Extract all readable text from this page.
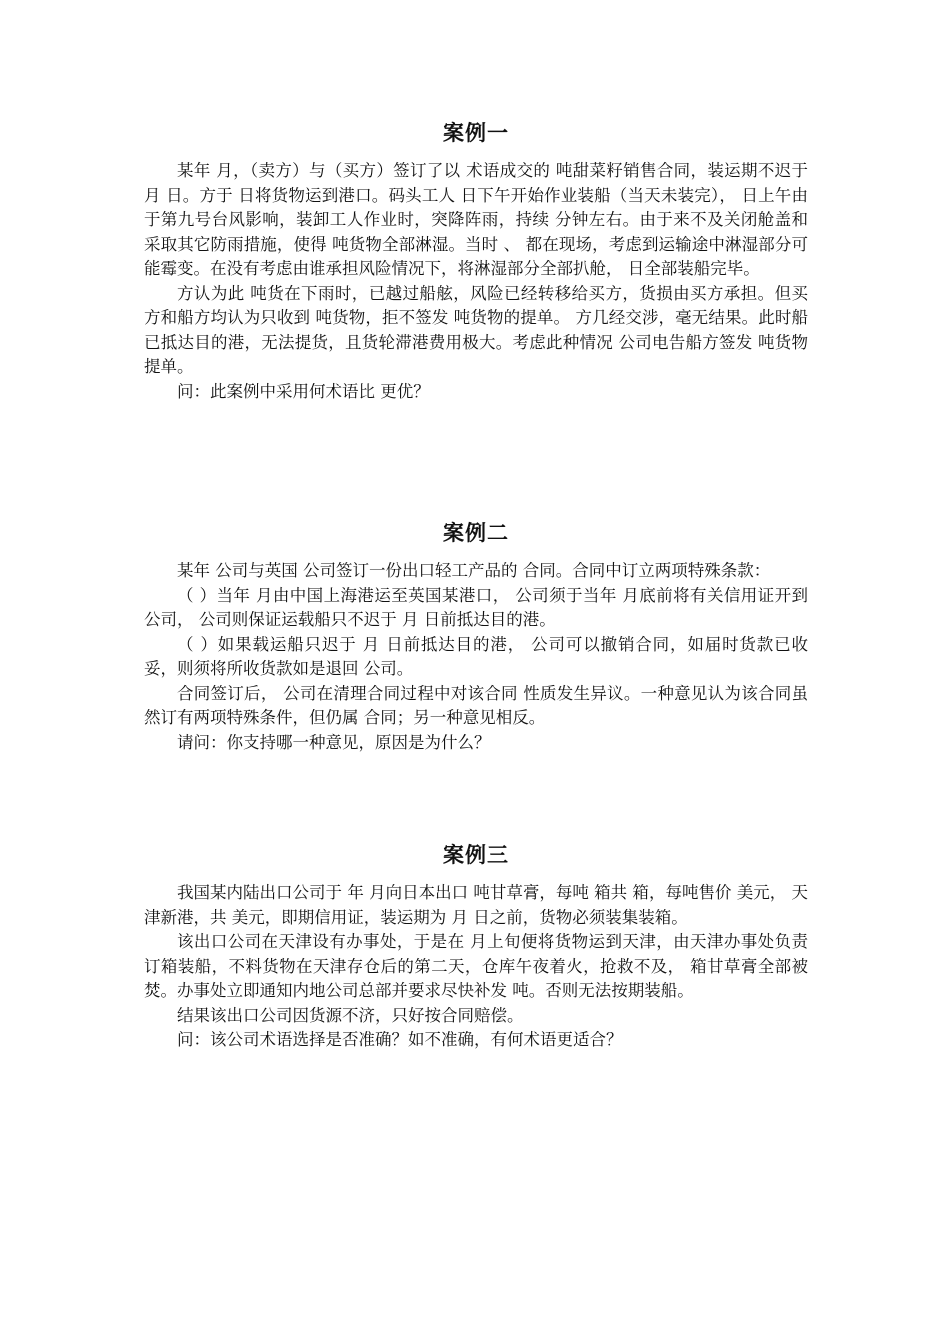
案例一

某年 月，（卖方）与（买方）签订了以 术语成交的 吨甜菜籽销售合同，装运期不迟于 月 日。方于 日将货物运到港口。码头工人 日下午开始作业装船（当天未装完）， 日上午由于第九号台风影响，装卸工人作业时，突降阵雨，持续 分钟左右。由于来不及关闭舱盖和采取其它防雨措施，使得 吨货物全部淋湿。当时 、 都在现场，考虑到运输途中淋湿部分可能霉变。在没有考虑由谁承担风险情况下，将淋湿部分全部扒舱， 日全部装船完毕。

方认为此 吨货在下雨时，已越过船舷，风险已经转移给买方，货损由买方承担。但买方和船方均认为只收到 吨货物，拒不签发 吨货物的提单。 方几经交涉，毫无结果。此时船已抵达目的港，无法提货，且货轮滞港费用极大。考虑此种情况 公司电告船方签发 吨货物提单。

问：此案例中采用何术语比 更优？

案例二

某年 公司与英国 公司签订一份出口轻工产品的 合同。合同中订立两项特殊条款：

（ ）当年 月由中国上海港运至英国某港口， 公司须于当年 月底前将有关信用证开到 公司， 公司则保证运载船只不迟于 月 日前抵达目的港。

（ ）如果载运船只迟于 月 日前抵达目的港， 公司可以撤销合同，如届时货款已收妥，则须将所收货款如是退回 公司。

合同签订后， 公司在清理合同过程中对该合同 性质发生异议。一种意见认为该合同虽然订有两项特殊条件，但仍属 合同；另一种意见相反。

请问：你支持哪一种意见，原因是为什么？

案例三

我国某内陆出口公司于 年 月向日本出口 吨甘草膏，每吨 箱共 箱，每吨售价 美元， 天津新港，共 美元，即期信用证，装运期为 月 日之前，货物必须装集装箱。

该出口公司在天津设有办事处，于是在 月上旬便将货物运到天津，由天津办事处负责订箱装船，不料货物在天津存仓后的第二天，仓库午夜着火，抢救不及， 箱甘草膏全部被焚。办事处立即通知内地公司总部并要求尽快补发 吨。否则无法按期装船。

结果该出口公司因货源不济，只好按合同赔偿。

问：该公司术语选择是否准确？如不准确，有何术语更适合？
